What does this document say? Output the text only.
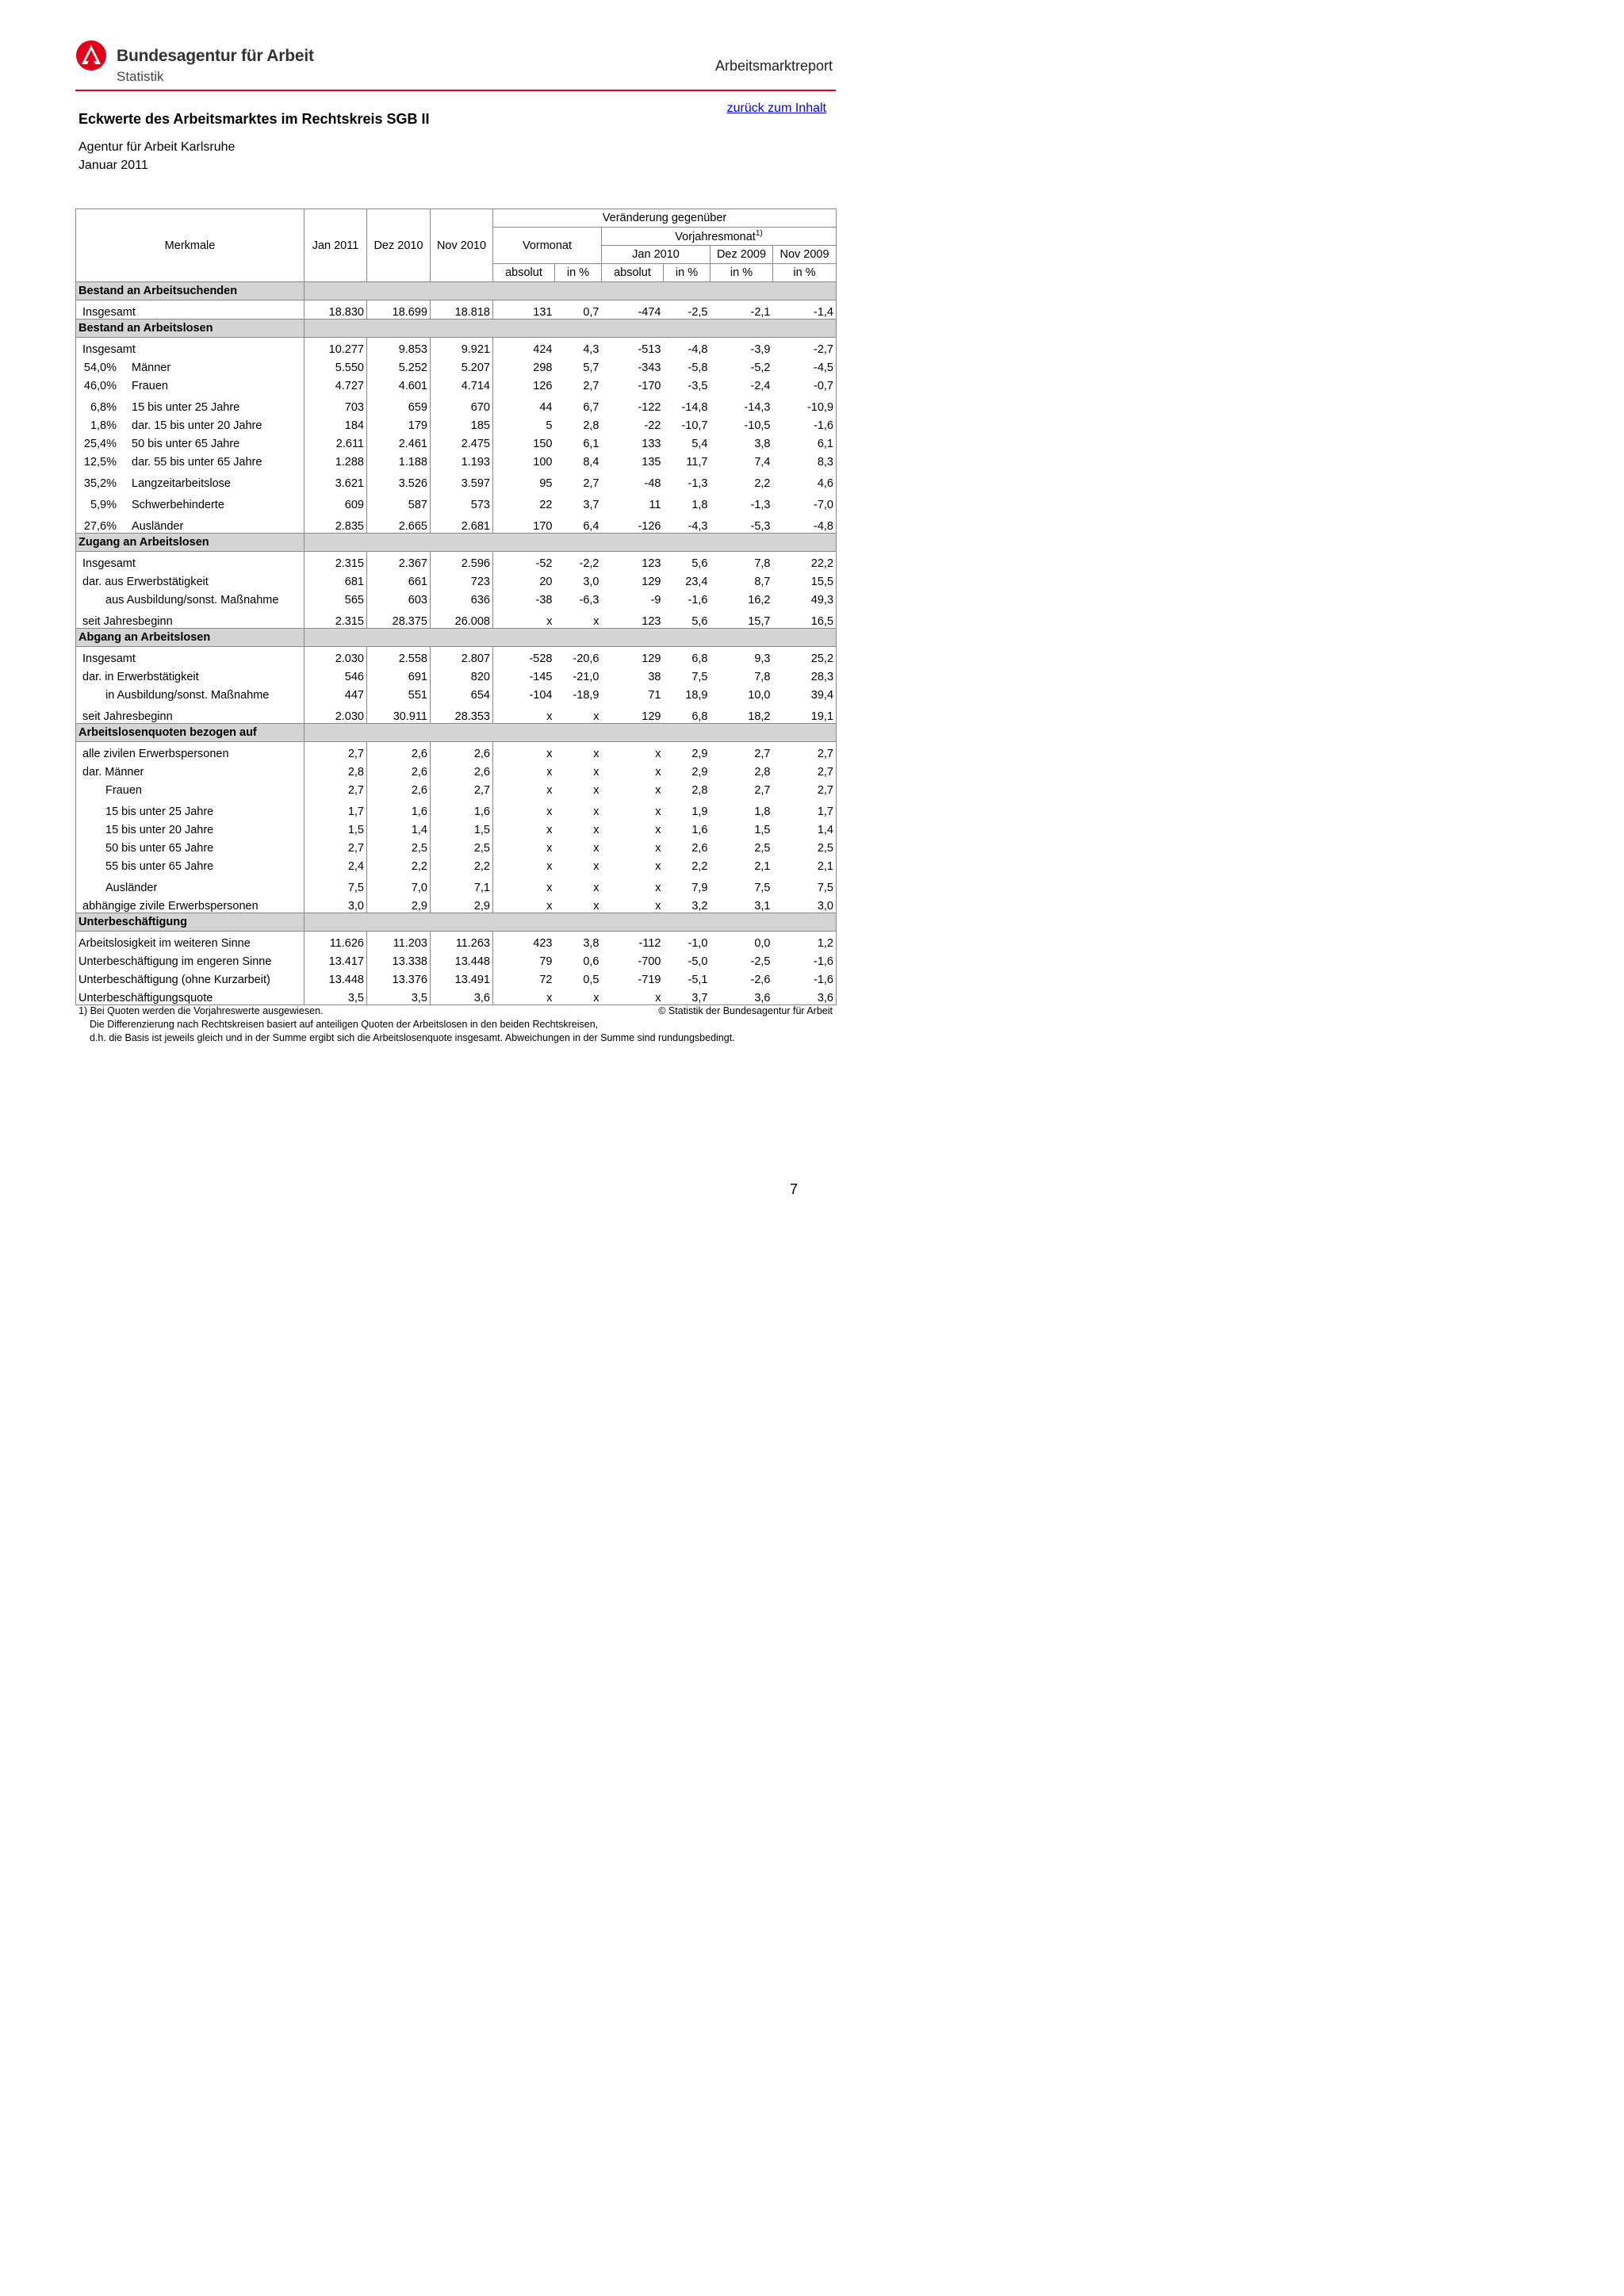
Bundesagentur für Arbeit
Statistik
Arbeitsmarktreport
zurück zum Inhalt
Eckwerte des Arbeitsmarktes im Rechtskreis SGB II
Agentur für Arbeit Karlsruhe
Januar 2011
Merkmale	Jan 2011	Dez 2010	Nov 2010	Veränderung gegenüber					
				Vormonat		Vorjahresmonat$^{1)}$
						Jan 2010		Dez 2009	Nov 2009
				absolut	in %	absolut	in %	in %	in %
Bestand an Arbeitsuchenden									
Insgesamt	18.830	18.699	18.818	131	0,7	-474	-2,5	-2,1	-1,4
Bestand an Arbeitslosen									
Insgesamt	10.277	9.853	9.921	424	4,3	-513	-4,8	-3,9	-2,7
54,0% Männer	5.550	5.252	5.207	298	5,7	-343	-5,8	-5,2	-4,5
46,0% Frauen	4.727	4.601	4.714	126	2,7	-170	-3,5	-2,4	-0,7
6,8% 15 bis unter 25 Jahre	703	659	670	44	6,7	-122	-14,8	-14,3	-10,9
1,8% dar. 15 bis unter 20 Jahre	184	179	185	5	2,8	-22	-10,7	-10,5	-1,6
25,4% 50 bis unter 65 Jahre	2.611	2.461	2.475	150	6,1	133	5,4	3,8	6,1
12,5% dar. 55 bis unter 65 Jahre	1.288	1.188	1.193	100	8,4	135	11,7	7,4	8,3
35,2% Langzeitarbeitslose	3.621	3.526	3.597	95	2,7	-48	-1,3	2,2	4,6
5,9% Schwerbehinderte	609	587	573	22	3,7	11	1,8	-1,3	-7,0
27,6% Ausländer	2.835	2.665	2.681	170	6,4	-126	-4,3	-5,3	-4,8
Zugang an Arbeitslosen									
Insgesamt	2.315	2.367	2.596	-52	-2,2	123	5,6	7,8	22,2
dar. aus Erwerbstätigkeit	681	661	723	20	3,0	129	23,4	8,7	15,5
aus Ausbildung/sonst. Maßnahme	565	603	636	-38	-6,3	-9	-1,6	16,2	49,3
seit Jahresbeginn	2.315	28.375	26.008	x	x	123	5,6	15,7	16,5
Abgang an Arbeitslosen									
Insgesamt	2.030	2.558	2.807	-528	-20,6	129	6,8	9,3	25,2
dar. in Erwerbstätigkeit	546	691	820	-145	-21,0	38	7,5	7,8	28,3
in Ausbildung/sonst. Maßnahme	447	551	654	-104	-18,9	71	18,9	10,0	39,4
seit Jahresbeginn	2.030	30.911	28.353	x	x	129	6,8	18,2	19,1
Arbeitslosenquoten bezogen auf									
alle zivilen Erwerbspersonen	2,7	2,6	2,6	x	x	x	2,9	2,7	2,7
dar. Männer	2,8	2,6	2,6	x	x	x	2,9	2,8	2,7
Frauen	2,7	2,6	2,7	x	x	x	2,8	2,7	2,7
15 bis unter 25 Jahre	1,7	1,6	1,6	x	x	x	1,9	1,8	1,7
15 bis unter 20 Jahre	1,5	1,4	1,5	x	x	x	1,6	1,5	1,4
50 bis unter 65 Jahre	2,7	2,5	2,5	x	x	x	2,6	2,5	2,5
55 bis unter 65 Jahre	2,4	2,2	2,2	x	x	x	2,2	2,1	2,1
Ausländer	7,5	7,0	7,1	x	x	x	7,9	7,5	7,5
abhängige zivile Erwerbspersonen	3,0	2,9	2,9	x	x	x	3,2	3,1	3,0
Unterbeschäftigung									
Arbeitslosigkeit im weiteren Sinne	11.626	11.203	11.263	423	3,8	-112	-1,0	0,0	1,2
Unterbeschäftigung im engeren Sinne	13.417	13.338	13.448	79	0,6	-700	-5,0	-2,5	-1,6
Unterbeschäftigung (ohne Kurzarbeit)	13.448	13.376	13.491	72	0,5	-719	-5,1	-2,6	-1,6
Unterbeschäftigungsquote	3,5	3,5	3,6	x	x	x	3,7	3,6	3,6
1) Bei Quoten werden die Vorjahreswerte ausgewiesen.	© Statistik der Bundesagentur für Arbeit
Die Differenzierung nach Rechtskreisen basiert auf anteiligen Quoten der Arbeitslosen in den beiden Rechtskreisen,
d.h. die Basis ist jeweils gleich und in der Summe ergibt sich die Arbeitslosenquote insgesamt. Abweichungen in der Summe sind rundungsbedingt.
7
